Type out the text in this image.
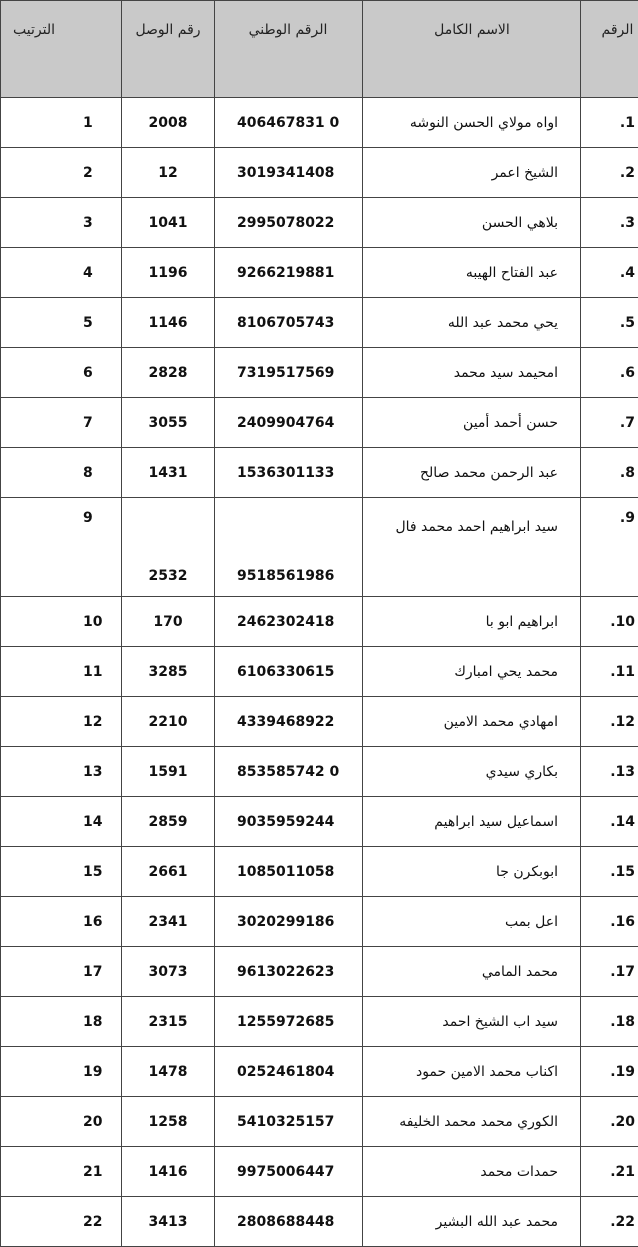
الرقم	الاسم الكامل	الرقم الوطني	رقم الوصل	الترتيب
1.	اواه مولاي الحسن النوشه	0 406467831	2008	1
2.	الشيخ اعمر	3019341408	12	2
3.	بلاهي الحسن	2995078022	1041	3
4.	عبد الفتاح الهيبه	9266219881	1196	4
5.	يحي محمد عبد الله	8106705743	1146	5
6.	امحيمد سيد محمد	7319517569	2828	6
7.	حسن أحمد أمين	2409904764	3055	7
8.	عبد الرحمن محمد صالح	1536301133	1431	8
9.	سيد ابراهيم احمد محمد فال	9518561986	2532	9
10.	ابراهيم ابو با	2462302418	170	10
11.	محمد يحي امبارك	6106330615	3285	11
12.	امهادي محمد الامين	4339468922	2210	12
13.	بكاري سيدي	0 853585742	1591	13
14.	اسماعيل سيد ابراهيم	9035959244	2859	14
15.	ابوبكرن جا	1085011058	2661	15
16.	اعل بمب	3020299186	2341	16
17.	محمد المامي	9613022623	3073	17
18.	سيد اب الشيخ احمد	1255972685	2315	18
19.	اكناب محمد الامين حمود	0252461804	1478	19
20.	الكوري محمد محمد الخليفه	5410325157	1258	20
21.	حمدات محمد	9975006447	1416	21
22.	محمد عبد الله البشير	2808688448	3413	22
